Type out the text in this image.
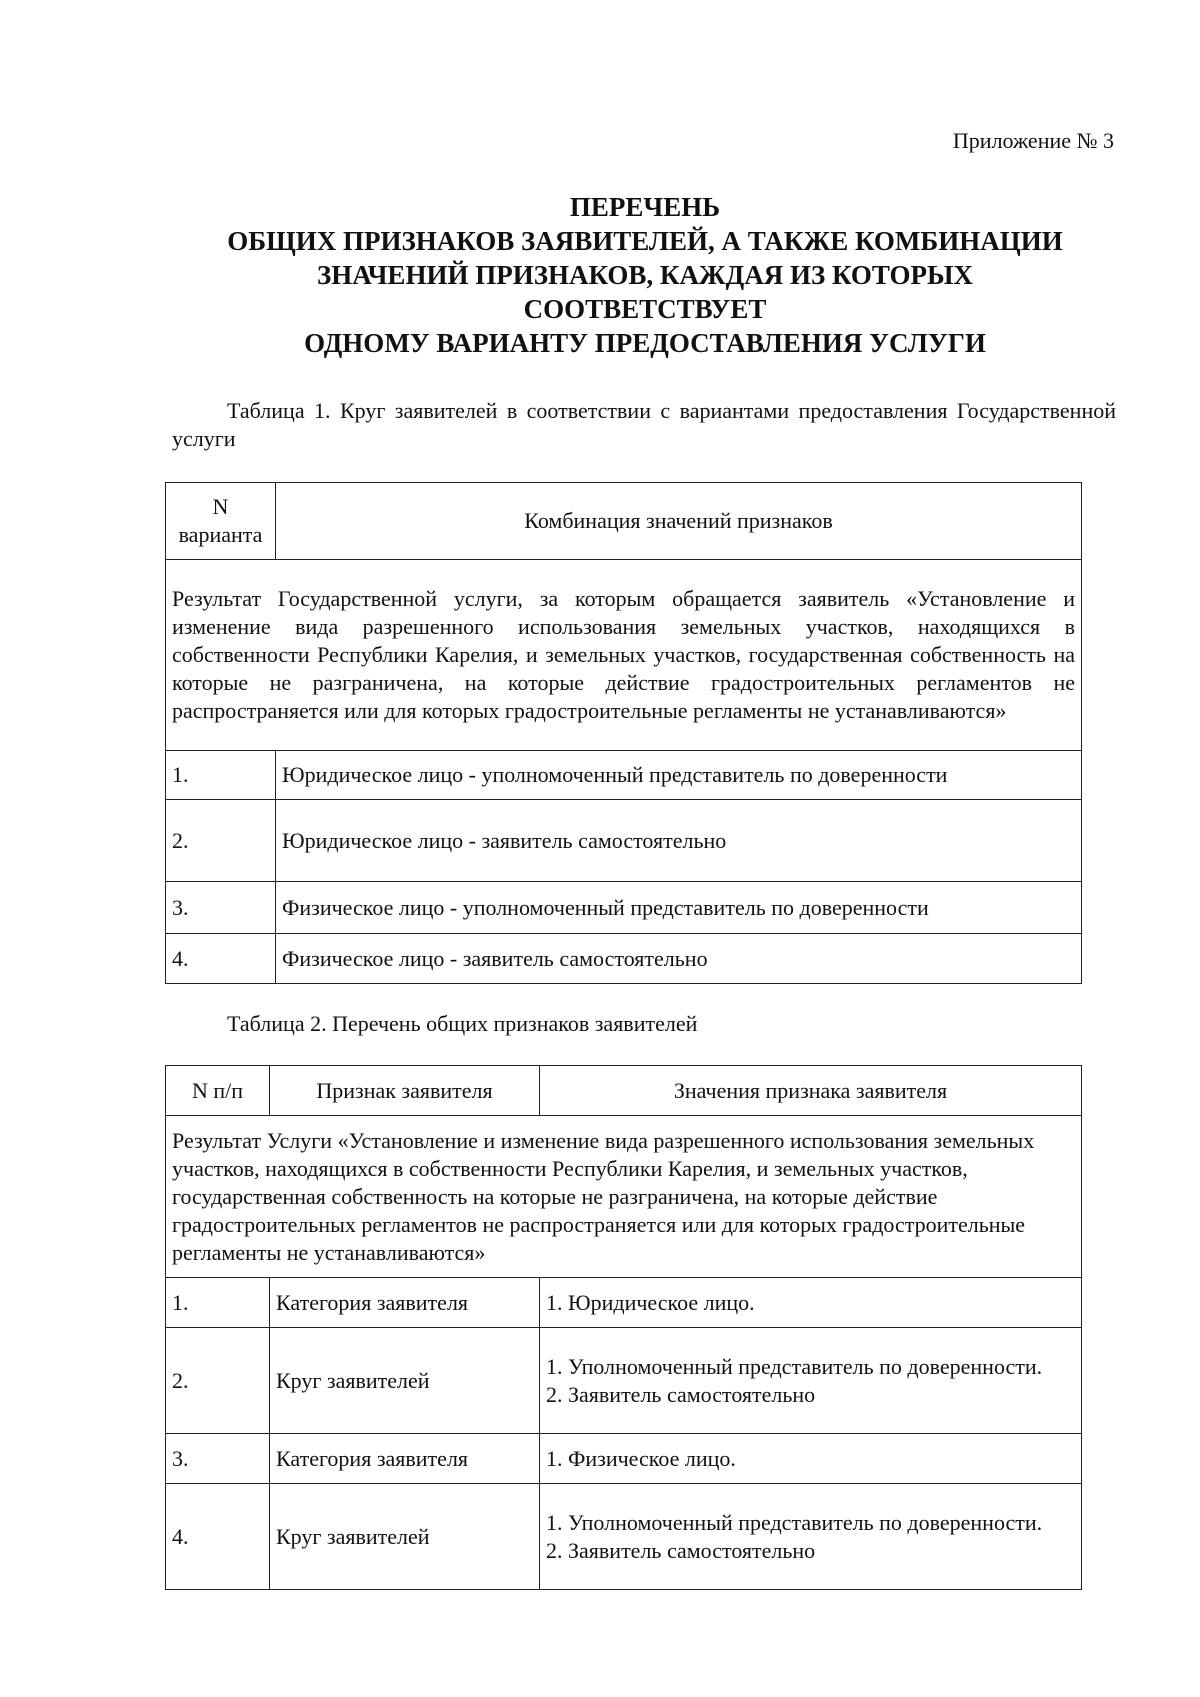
Приложение № 3
ПЕРЕЧЕНЬ
ОБЩИХ ПРИЗНАКОВ ЗАЯВИТЕЛЕЙ, А ТАКЖЕ КОМБИНАЦИИ
ЗНАЧЕНИЙ ПРИЗНАКОВ, КАЖДАЯ ИЗ КОТОРЫХ
СООТВЕТСТВУЕТ
ОДНОМУ ВАРИАНТУ ПРЕДОСТАВЛЕНИЯ УСЛУГИ
Таблица 1. Круг заявителей в соответствии с вариантами предоставления Государственной услуги
N варианта	Комбинация значений признаков
Результат Государственной услуги, за которым обращается заявитель «Установление и изменение вида разрешенного использования земельных участков, находящихся в собственности Республики Карелия, и земельных участков, государственная собственность на которые не разграничена, на которые действие градостроительных регламентов не распространяется или для которых градостроительные регламенты не устанавливаются»	
1.	Юридическое лицо - уполномоченный представитель по доверенности
2.	Юридическое лицо - заявитель самостоятельно
3.	Физическое лицо - уполномоченный представитель по доверенности
4.	Физическое лицо - заявитель самостоятельно
Таблица 2. Перечень общих признаков заявителей
N п/п	Признак заявителя	Значения признака заявителя
Результат Услуги «Установление и изменение вида разрешенного использования земельных участков, находящихся в собственности Республики Карелия, и земельных участков, государственная собственность на которые не разграничена, на которые действие градостроительных регламентов не распространяется или для которых градостроительные регламенты не устанавливаются»		
1.	Категория заявителя	1. Юридическое лицо.

2.	Круг заявителей	1. Уполномоченный представитель по доверенности.
2. Заявитель самостоятельно

3.	Категория заявителя	1. Физическое лицо.

4.	Круг заявителей	1. Уполномоченный представитель по доверенности.
2. Заявитель самостоятельно
